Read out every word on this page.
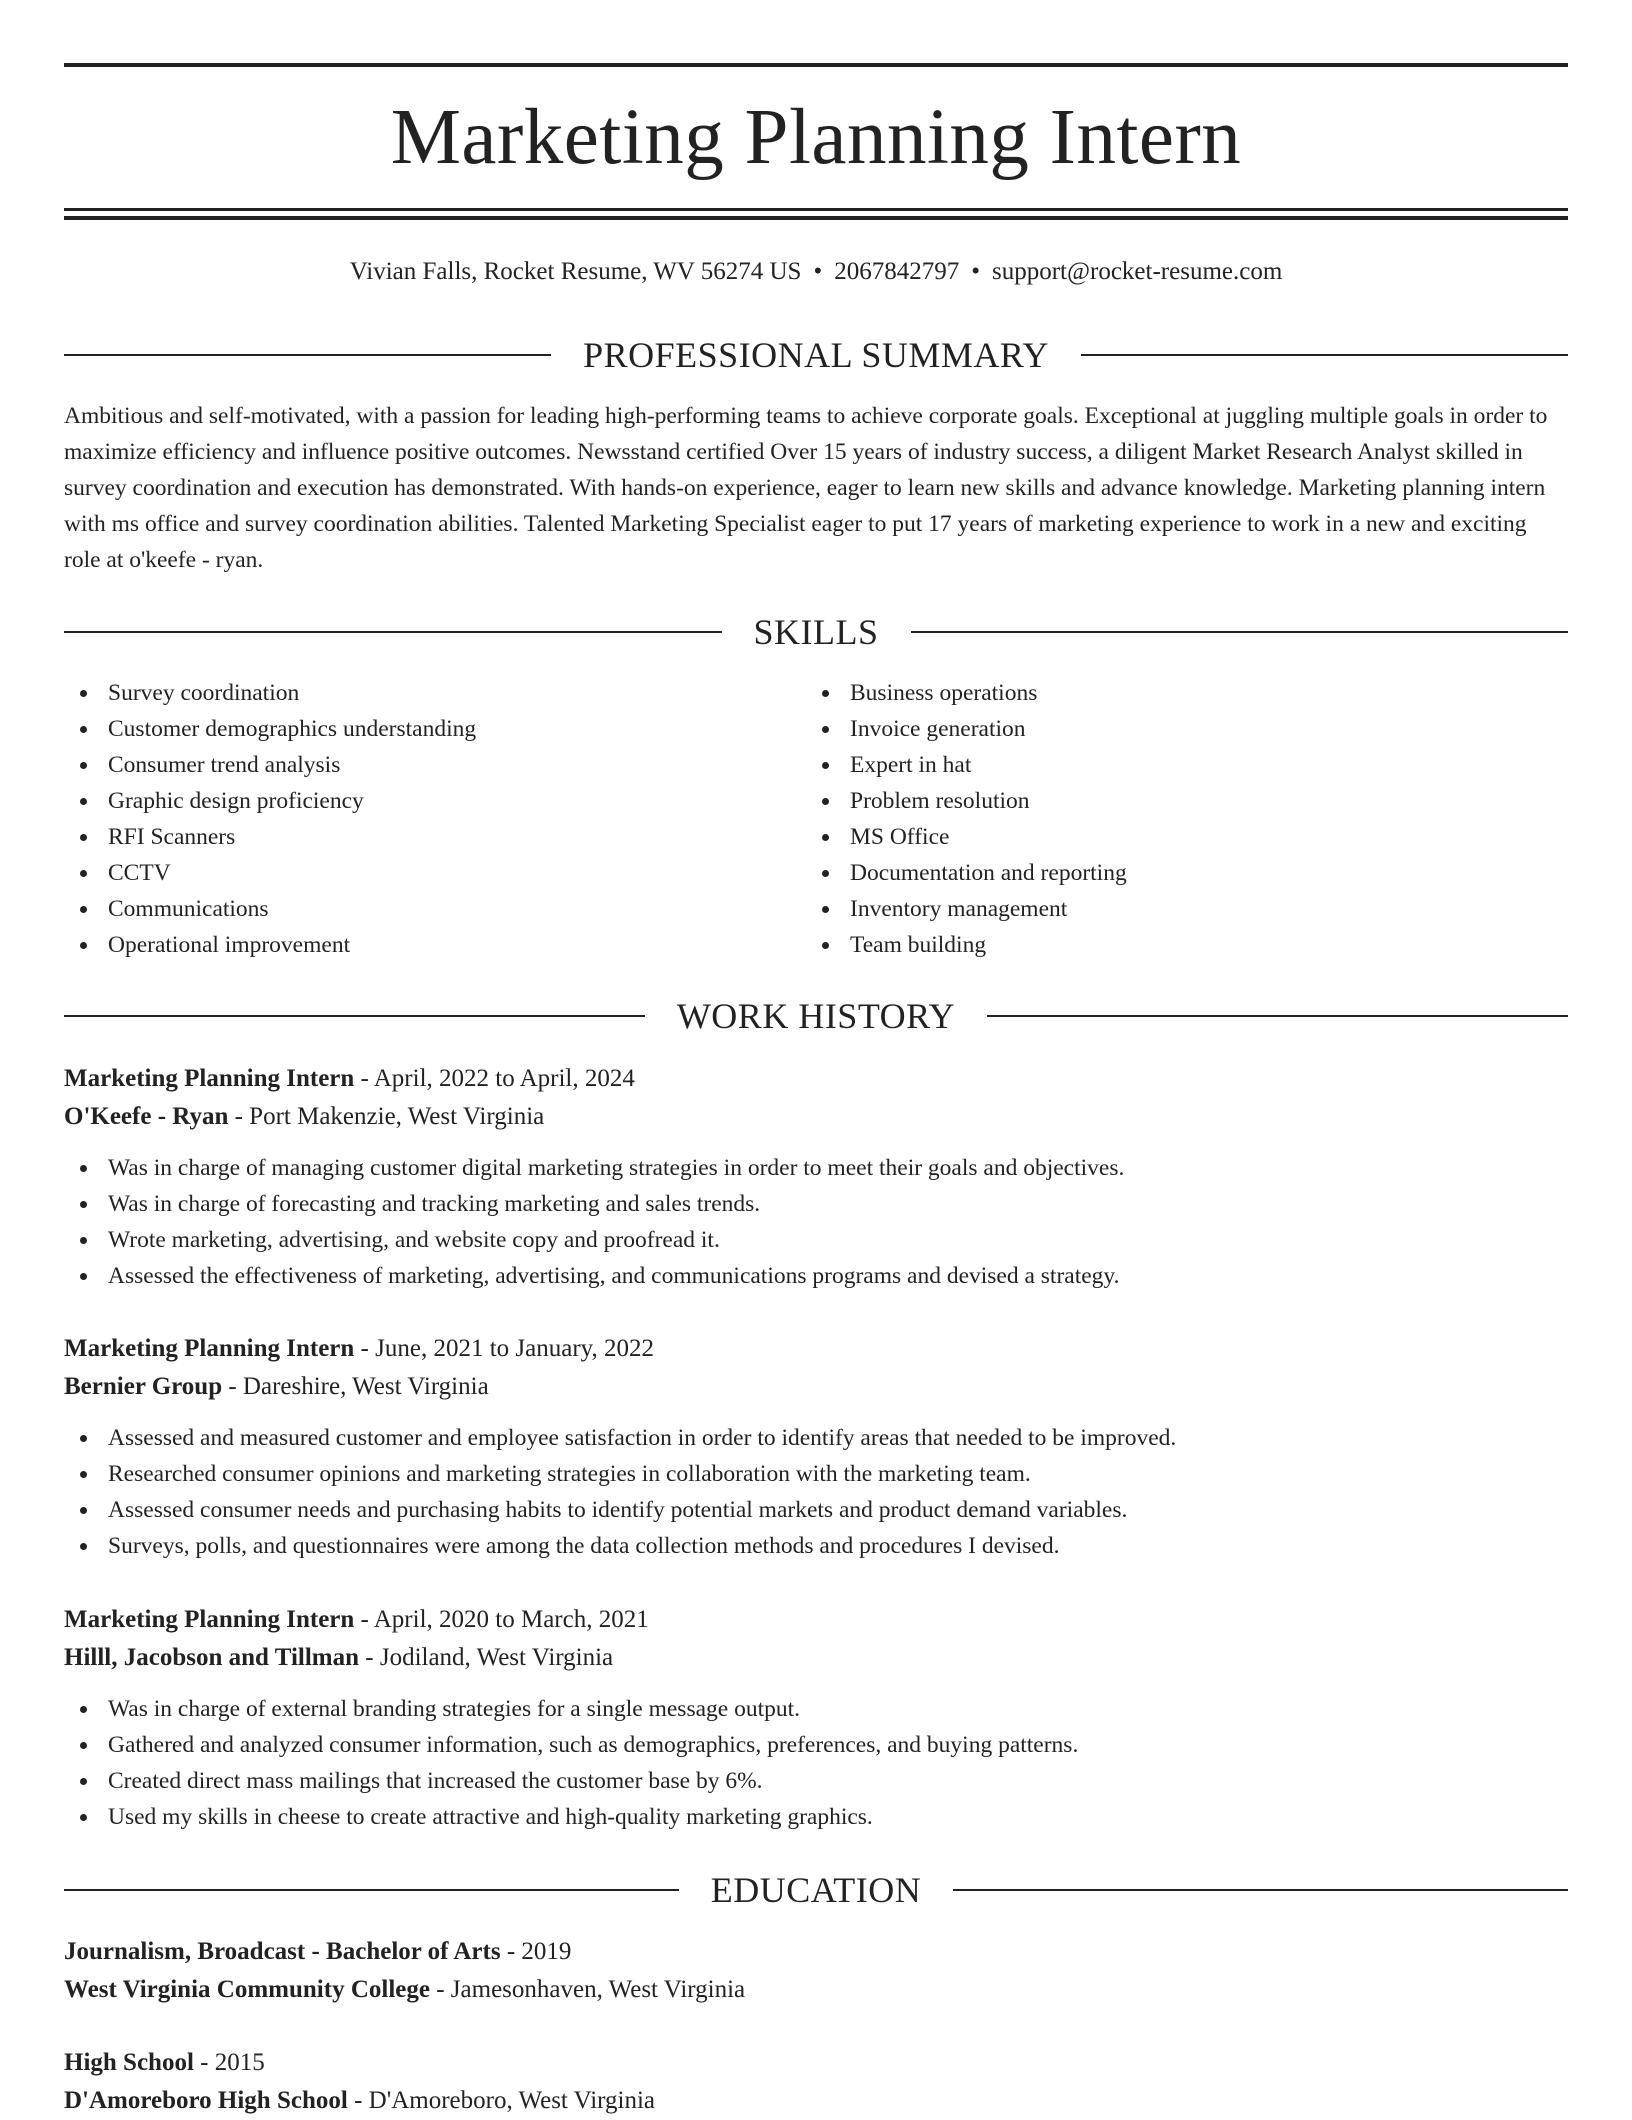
Marketing Planning Intern
Vivian Falls, Rocket Resume, WV 56274 US • 2067842797 • support@rocket-resume.com
PROFESSIONAL SUMMARY

Ambitious and self-motivated, with a passion for leading high-performing teams to achieve corporate goals. Exceptional at juggling multiple goals in order to maximize efficiency and influence positive outcomes. Newsstand certified Over 15 years of industry success, a diligent Market Research Analyst skilled in survey coordination and execution has demonstrated. With hands-on experience, eager to learn new skills and advance knowledge. Marketing planning intern with ms office and survey coordination abilities. Talented Marketing Specialist eager to put 17 years of marketing experience to work in a new and exciting role at o'keefe - ryan.

SKILLS
Survey coordination
Customer demographics understanding
Consumer trend analysis
Graphic design proficiency
RFI Scanners
CCTV
Communications
Operational improvement
Business operations
Invoice generation
Expert in hat
Problem resolution
MS Office
Documentation and reporting
Inventory management
Team building
WORK HISTORY
Marketing Planning Intern - April, 2022 to April, 2024
O'Keefe - Ryan - Port Makenzie, West Virginia
Was in charge of managing customer digital marketing strategies in order to meet their goals and objectives.
Was in charge of forecasting and tracking marketing and sales trends.
Wrote marketing, advertising, and website copy and proofread it.
Assessed the effectiveness of marketing, advertising, and communications programs and devised a strategy.
Marketing Planning Intern - June, 2021 to January, 2022
Bernier Group - Dareshire, West Virginia
Assessed and measured customer and employee satisfaction in order to identify areas that needed to be improved.
Researched consumer opinions and marketing strategies in collaboration with the marketing team.
Assessed consumer needs and purchasing habits to identify potential markets and product demand variables.
Surveys, polls, and questionnaires were among the data collection methods and procedures I devised.
Marketing Planning Intern - April, 2020 to March, 2021
Hilll, Jacobson and Tillman - Jodiland, West Virginia
Was in charge of external branding strategies for a single message output.
Gathered and analyzed consumer information, such as demographics, preferences, and buying patterns.
Created direct mass mailings that increased the customer base by 6%.
Used my skills in cheese to create attractive and high-quality marketing graphics.
EDUCATION
Journalism, Broadcast - Bachelor of Arts - 2019
West Virginia Community College - Jamesonhaven, West Virginia
High School - 2015
D'Amoreboro High School - D'Amoreboro, West Virginia
